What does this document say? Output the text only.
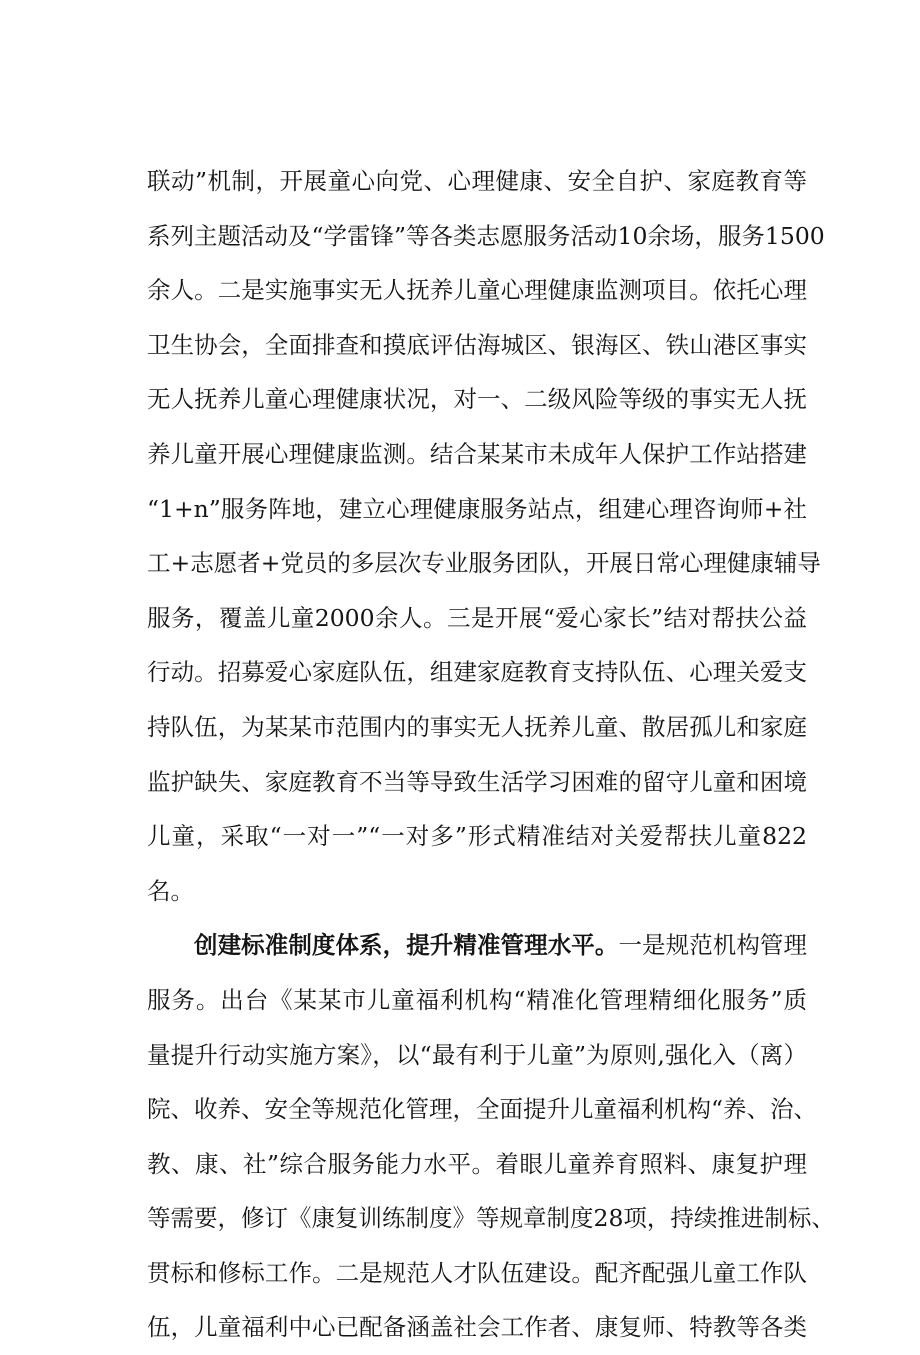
联动”机制，开展童心向党、心理健康、安全自护、家庭教育等
系列主题活动及“学雷锋”等各类志愿服务活动10余场，服务1500
余人。二是实施事实无人抚养儿童心理健康监测项目。依托心理
卫生协会，全面排查和摸底评估海城区、银海区、铁山港区事实
无人抚养儿童心理健康状况，对一、二级风险等级的事实无人抚
养儿童开展心理健康监测。结合某某市未成年人保护工作站搭建
“1+n”服务阵地，建立心理健康服务站点，组建心理咨询师+社
工+志愿者+党员的多层次专业服务团队，开展日常心理健康辅导
服务，覆盖儿童2000余人。三是开展“爱心家长”结对帮扶公益
行动。招募爱心家庭队伍，组建家庭教育支持队伍、心理关爱支
持队伍，为某某市范围内的事实无人抚养儿童、散居孤儿和家庭
监护缺失、家庭教育不当等导致生活学习困难的留守儿童和困境
儿童，采取“一对一”“一对多”形式精准结对关爱帮扶儿童822
名。
创建标准制度体系，提升精准管理水平。一是规范机构管理
服务。出台《某某市儿童福利机构“精准化管理精细化服务”质
量提升行动实施方案》，以“最有利于儿童”为原则,强化入（离）
院、收养、安全等规范化管理，全面提升儿童福利机构“养、治、
教、康、社”综合服务能力水平。着眼儿童养育照料、康复护理
等需要，修订《康复训练制度》等规章制度28项，持续推进制标、
贯标和修标工作。二是规范人才队伍建设。配齐配强儿童工作队
伍，儿童福利中心已配备涵盖社会工作者、康复师、特教等各类
